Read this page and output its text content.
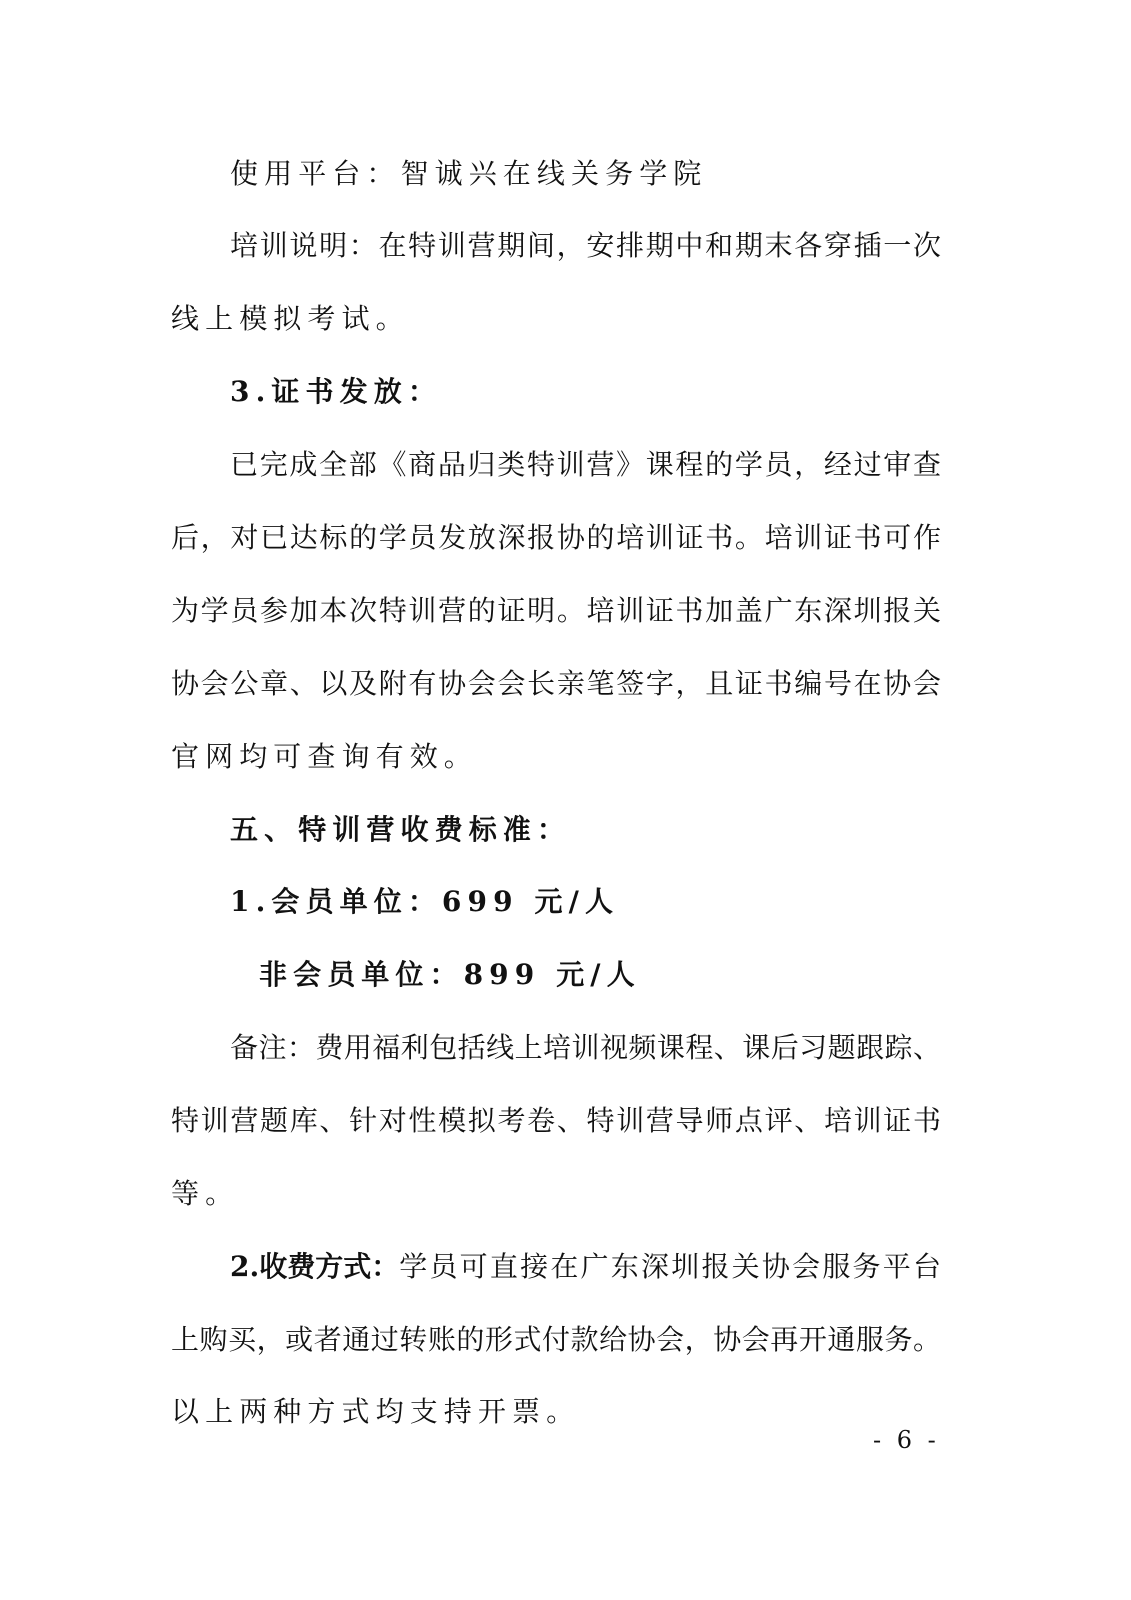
使用平台：智诚兴在线关务学院
培训说明：在特训营期间，安排期中和期末各穿插一次
线上模拟考试。
3.证书发放：
已完成全部《商品归类特训营》课程的学员，经过审查
后，对已达标的学员发放深报协的培训证书。培训证书可作
为学员参加本次特训营的证明。培训证书加盖广东深圳报关
协会公章、以及附有协会会长亲笔签字，且证书编号在协会
官网均可查询有效。
五、特训营收费标准：
1.会员单位：699 元/人
非会员单位：899 元/人
备注：费用福利包括线上培训视频课程、课后习题跟踪、
特训营题库、针对性模拟考卷、特训营导师点评、培训证书
等。
2.收费方式： 学员可直接在广东深圳报关协会服务平台
上购买，或者通过转账的形式付款给协会，协会再开通服务。
以上两种方式均支持开票。
- 6 -
